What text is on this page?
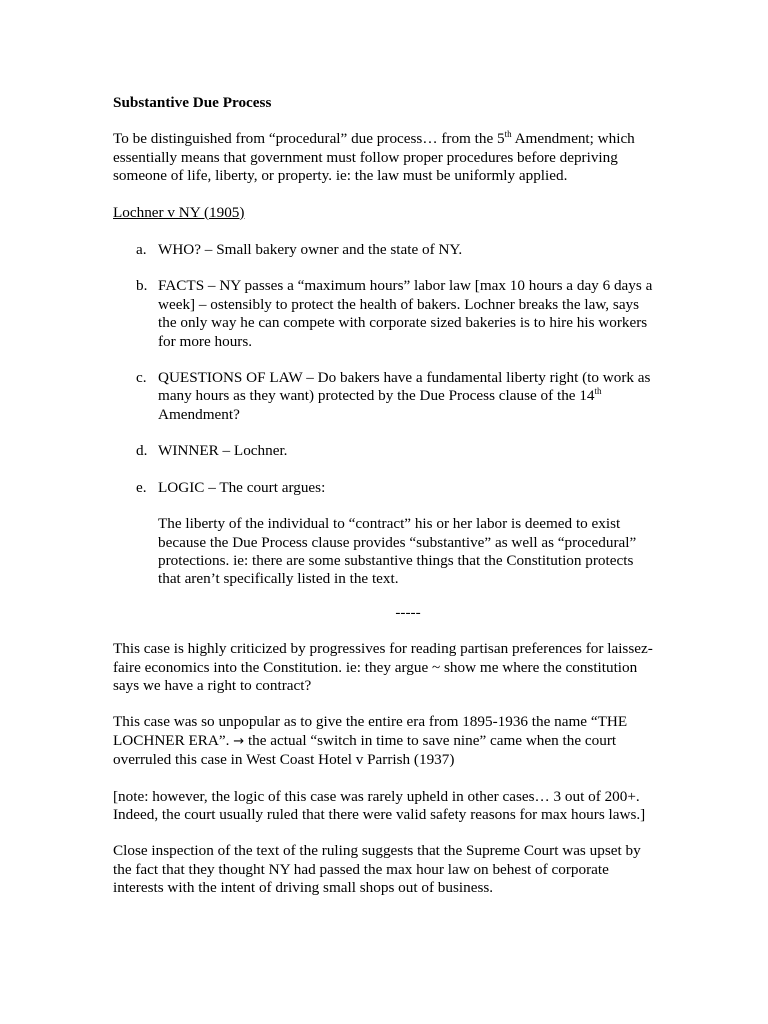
Substantive Due Process

To be distinguished from “procedural” due process… from the 5th Amendment; which essentially means that government must follow proper procedures before depriving someone of life, liberty, or property. ie: the law must be uniformly applied.

Lochner v NY (1905)

a. WHO? – Small bakery owner and the state of NY.
b. FACTS – NY passes a “maximum hours” labor law [max 10 hours a day 6 days a week] – ostensibly to protect the health of bakers. Lochner breaks the law, says the only way he can compete with corporate sized bakeries is to hire his workers for more hours.
c. QUESTIONS OF LAW – Do bakers have a fundamental liberty right (to work as many hours as they want) protected by the Due Process clause of the 14th Amendment?
d. WINNER – Lochner.
e. LOGIC – The court argues:

The liberty of the individual to “contract” his or her labor is deemed to exist because the Due Process clause provides “substantive” as well as “procedural” protections. ie: there are some substantive things that the Constitution protects that aren’t specifically listed in the text.

-----

This case is highly criticized by progressives for reading partisan preferences for laissez-faire economics into the Constitution. ie: they argue ~ show me where the constitution says we have a right to contract?

This case was so unpopular as to give the entire era from 1895-1936 the name “THE LOCHNER ERA”. → the actual “switch in time to save nine” came when the court overruled this case in West Coast Hotel v Parrish (1937)

[note: however, the logic of this case was rarely upheld in other cases… 3 out of 200+. Indeed, the court usually ruled that there were valid safety reasons for max hours laws.]

Close inspection of the text of the ruling suggests that the Supreme Court was upset by the fact that they thought NY had passed the max hour law on behest of corporate interests with the intent of driving small shops out of business.
